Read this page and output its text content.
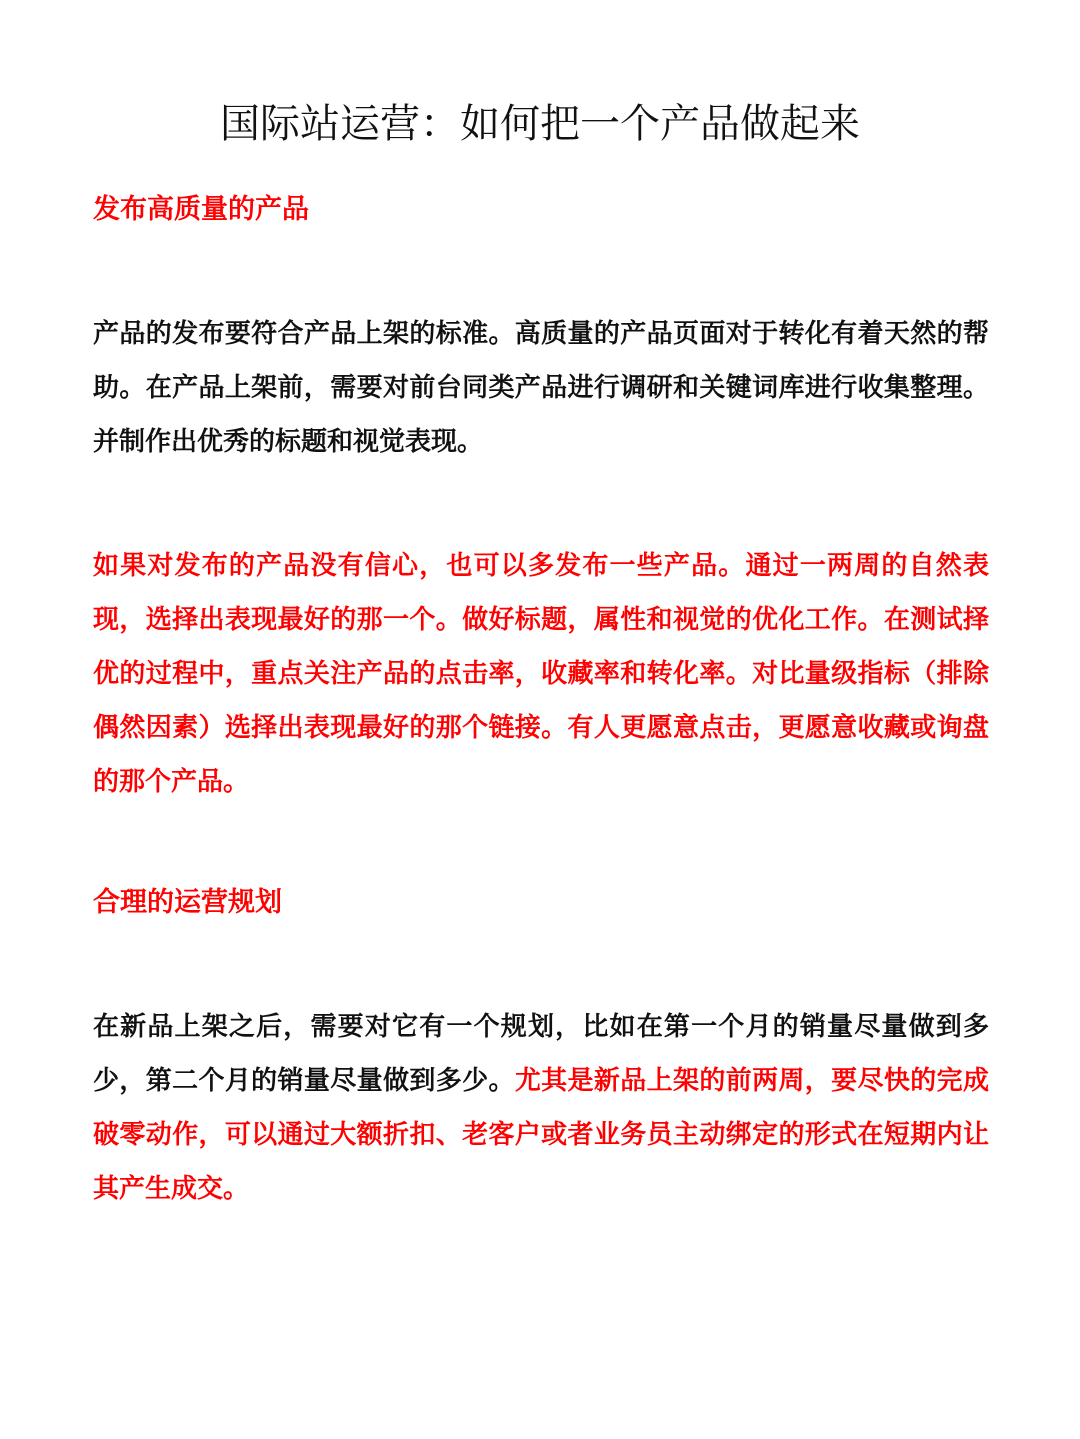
国际站运营：如何把一个产品做起来
发布高质量的产品

产品的发布要符合产品上架的标准。高质量的产品页面对于转化有着天然的帮助。在产品上架前，需要对前台同类产品进行调研和关键词库进行收集整理。并制作出优秀的标题和视觉表现。

如果对发布的产品没有信心，也可以多发布一些产品。通过一两周的自然表现，选择出表现最好的那一个。做好标题，属性和视觉的优化工作。在测试择优的过程中，重点关注产品的点击率，收藏率和转化率。对比量级指标（排除偶然因素）选择出表现最好的那个链接。有人更愿意点击，更愿意收藏或询盘的那个产品。

合理的运营规划

在新品上架之后，需要对它有一个规划，比如在第一个月的销量尽量做到多少，第二个月的销量尽量做到多少。尤其是新品上架的前两周，要尽快的完成破零动作，可以通过大额折扣、老客户或者业务员主动绑定的形式在短期内让其产生成交。
